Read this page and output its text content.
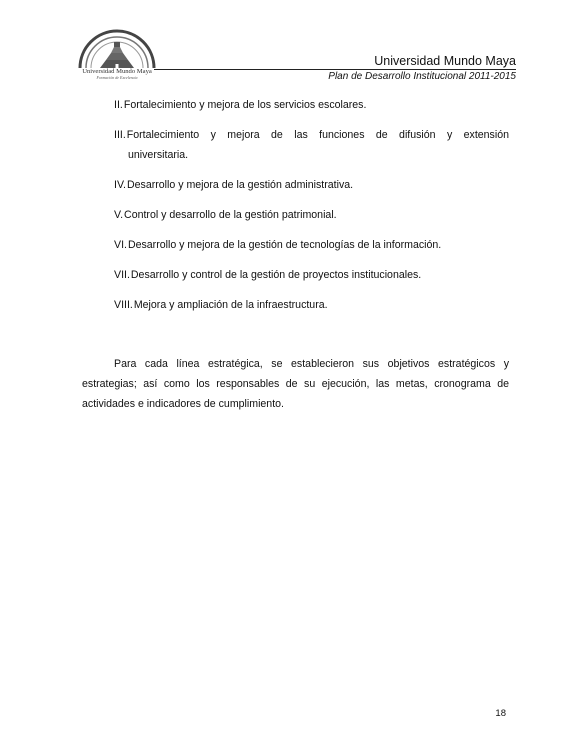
Universidad Mundo Maya
Formación de Excelencia
Universidad Mundo Maya
Plan de Desarrollo Institucional 2011-2015
II.Fortalecimiento y mejora de los servicios escolares.
III.Fortalecimiento y mejora de las funciones de difusión y extensión
universitaria.
IV.Desarrollo y mejora de la gestión administrativa.
V.Control y desarrollo de la gestión patrimonial.
VI.Desarrollo y mejora de la gestión de tecnologías de la información.
VII.Desarrollo y control de la gestión de proyectos institucionales.
VIII.Mejora y ampliación de la infraestructura.

Para cada línea estratégica, se establecieron sus objetivos estratégicos y estrategias; así como los responsables de su ejecución, las metas, cronograma de actividades e indicadores de cumplimiento.

18
